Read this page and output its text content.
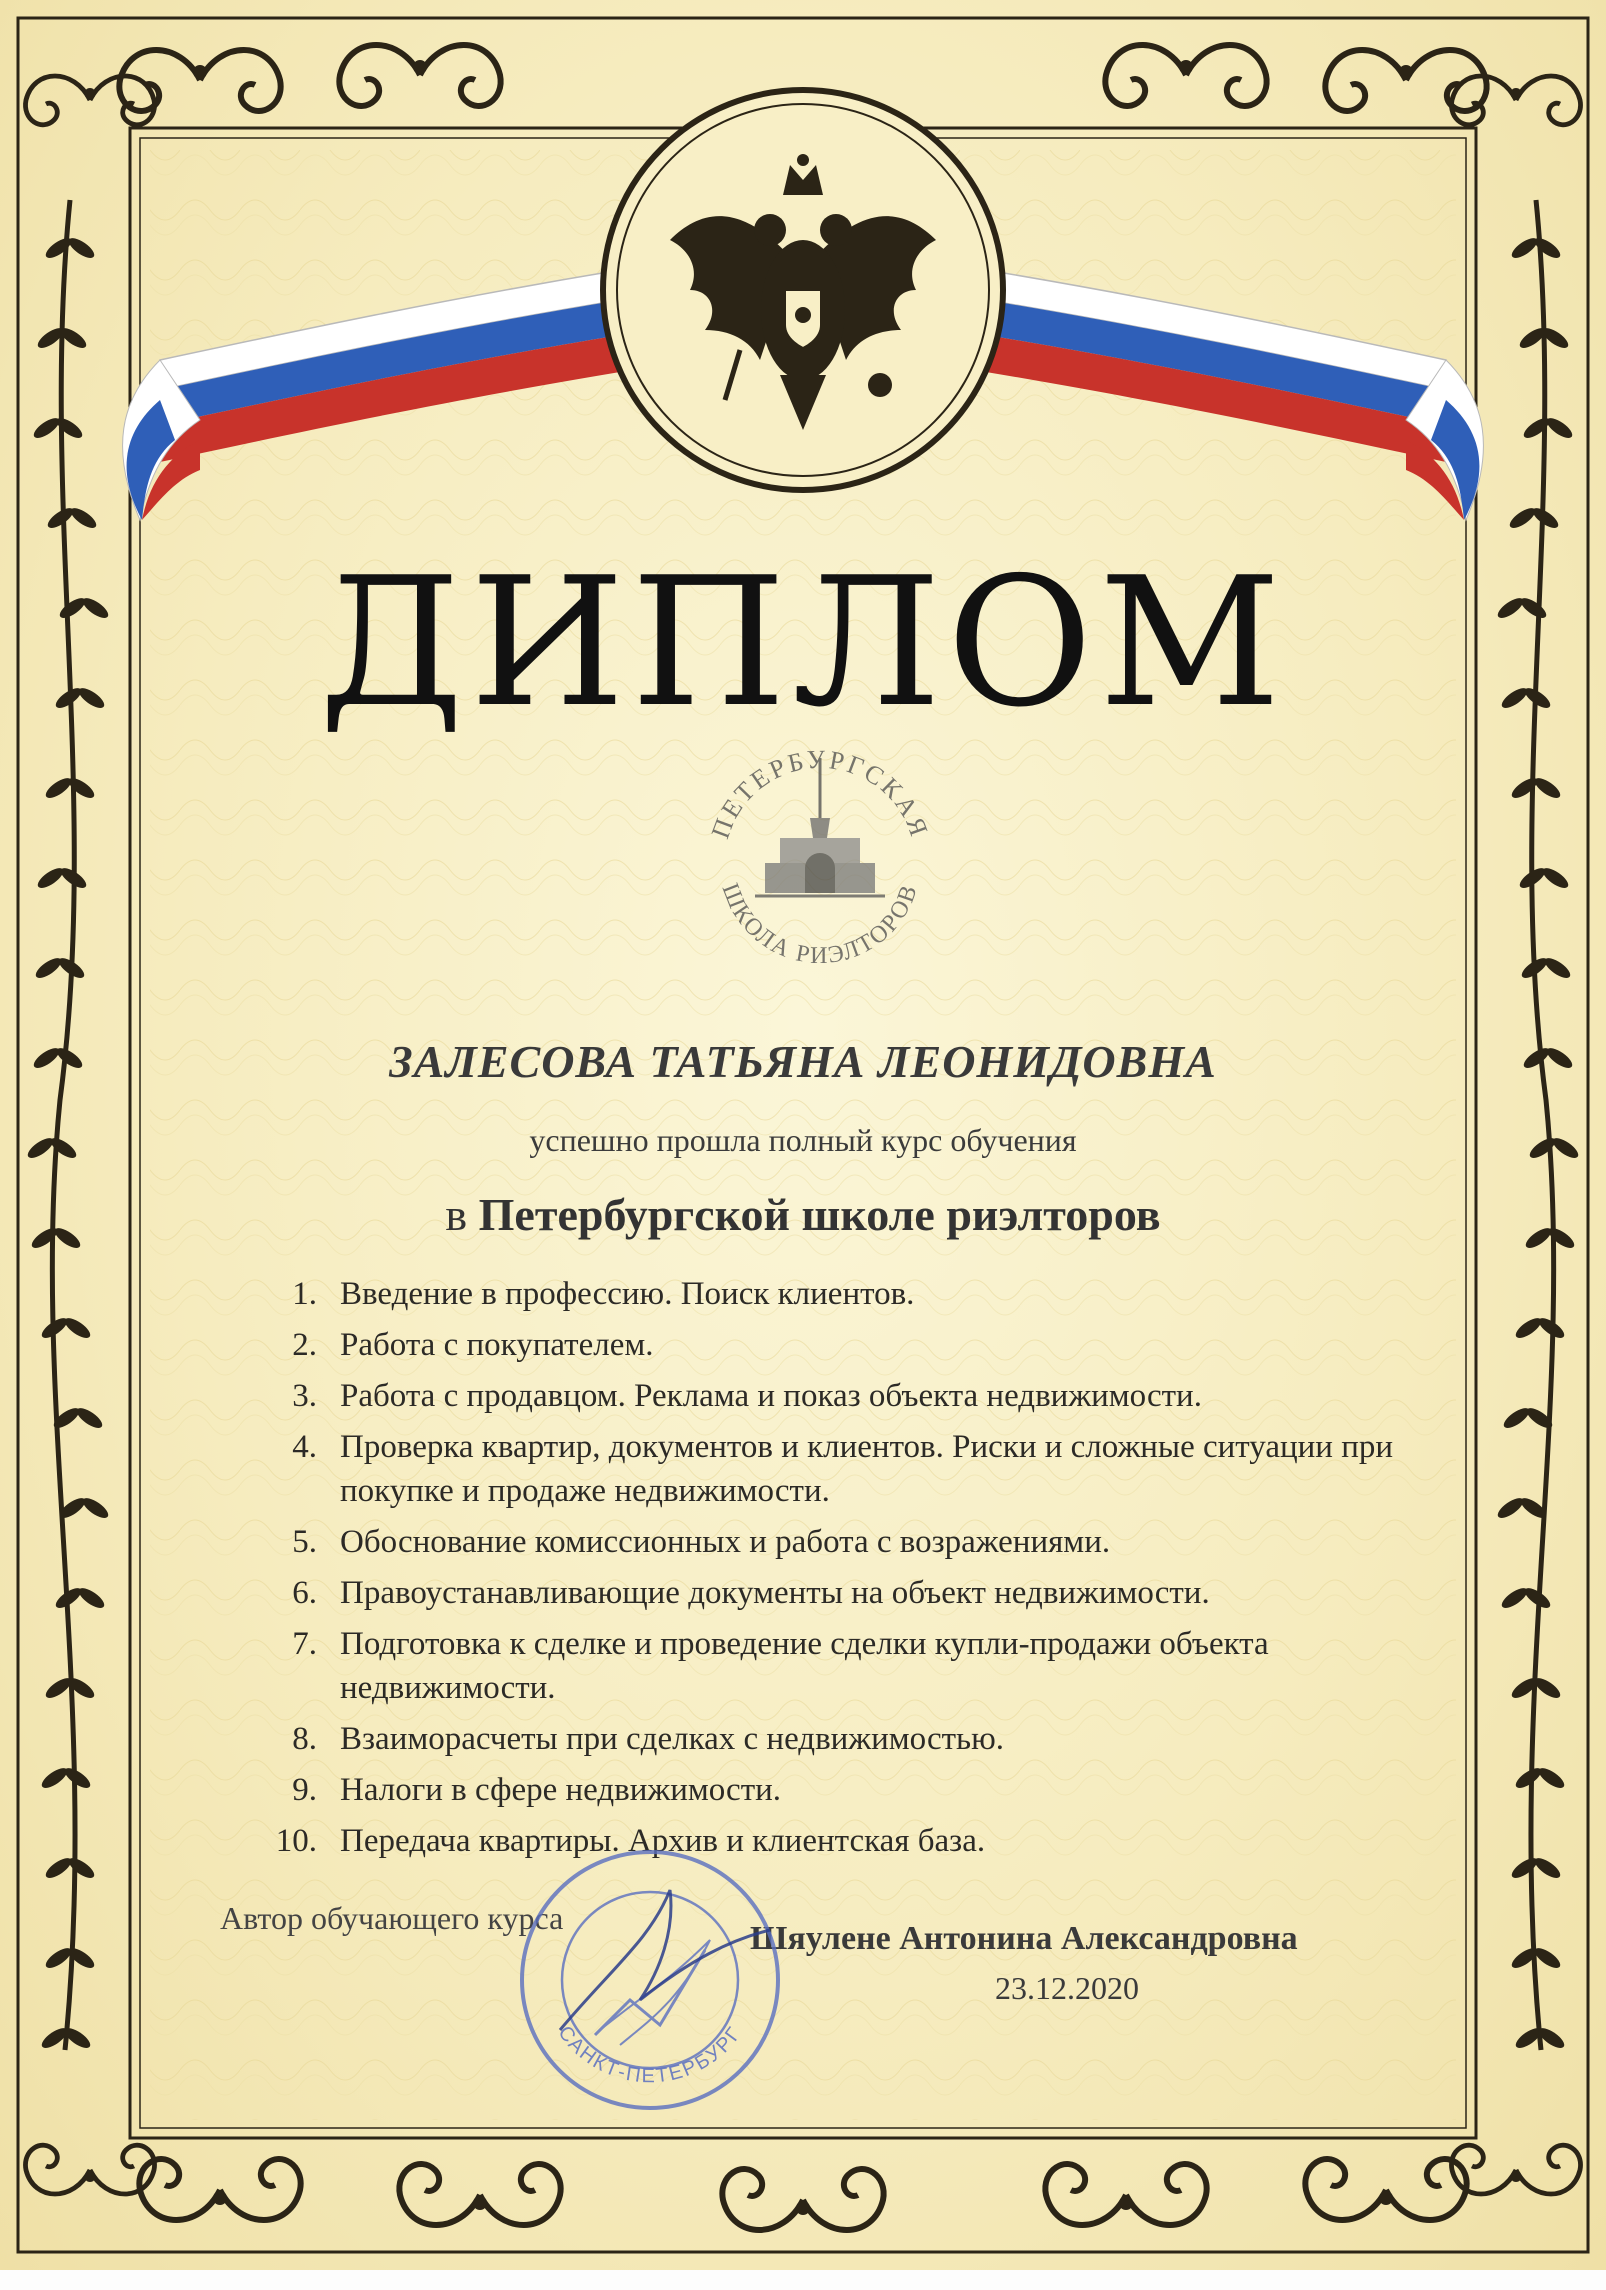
ДИПЛОМ
ПЕТЕРБУРГСКАЯ
ШКОЛА РИЭЛТОРОВ
ЗАЛЕСОВА ТАТЬЯНА ЛЕОНИДОВНА
успешно прошла полный курс обучения
в Петербургской школе риэлторов
1. Введение в профессию. Поиск клиентов.
2. Работа с покупателем.
3. Работа с продавцом. Реклама и показ объекта недвижимости.
4. Проверка квартир, документов и клиентов. Риски и сложные ситуации при покупке и продаже недвижимости.
5. Обоснование комиссионных и работа с возражениями.
6. Правоустанавливающие документы на объект недвижимости.
7. Подготовка к сделке и проведение сделки купли-продажи объекта недвижимости.
8. Взаиморасчеты при сделках с недвижимостью.
9. Налоги в сфере недвижимости.
10. Передача квартиры. Архив и клиентская база.
Автор обучающего курса
Шяулене Антонина Александровна
23.12.2020
САНКТ-ПЕТЕРБУРГ
